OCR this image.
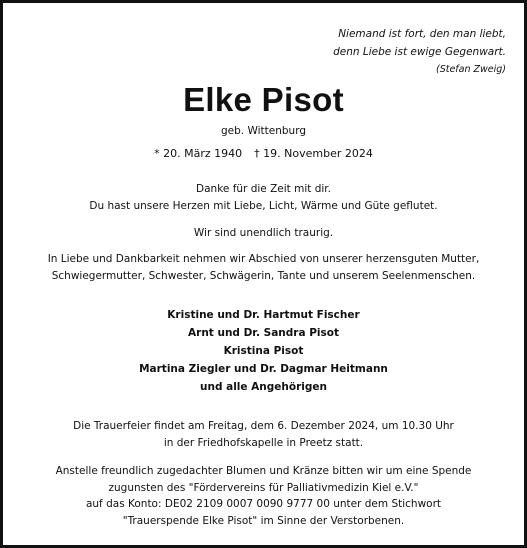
Niemand ist fort, den man liebt,
denn Liebe ist ewige Gegenwart.
(Stefan Zweig)
Elke Pisot
geb. Wittenburg
* 20. März 1940 † 19. November 2024
Danke für die Zeit mit dir.
Du hast unsere Herzen mit Liebe, Licht, Wärme und Güte geflutet.
Wir sind unendlich traurig.
In Liebe und Dankbarkeit nehmen wir Abschied von unserer herzensguten Mutter,
Schwiegermutter, Schwester, Schwägerin, Tante und unserem Seelenmenschen.
Kristine und Dr. Hartmut Fischer
Arnt und Dr. Sandra Pisot
Kristina Pisot
Martina Ziegler und Dr. Dagmar Heitmann
und alle Angehörigen
Die Trauerfeier findet am Freitag, dem 6. Dezember 2024, um 10.30 Uhr
in der Friedhofskapelle in Preetz statt.
Anstelle freundlich zugedachter Blumen und Kränze bitten wir um eine Spende
zugunsten des "Fördervereins für Palliativmedizin Kiel e.V."
auf das Konto: DE02 2109 0007 0090 9777 00 unter dem Stichwort
"Trauerspende Elke Pisot" im Sinne der Verstorbenen.
